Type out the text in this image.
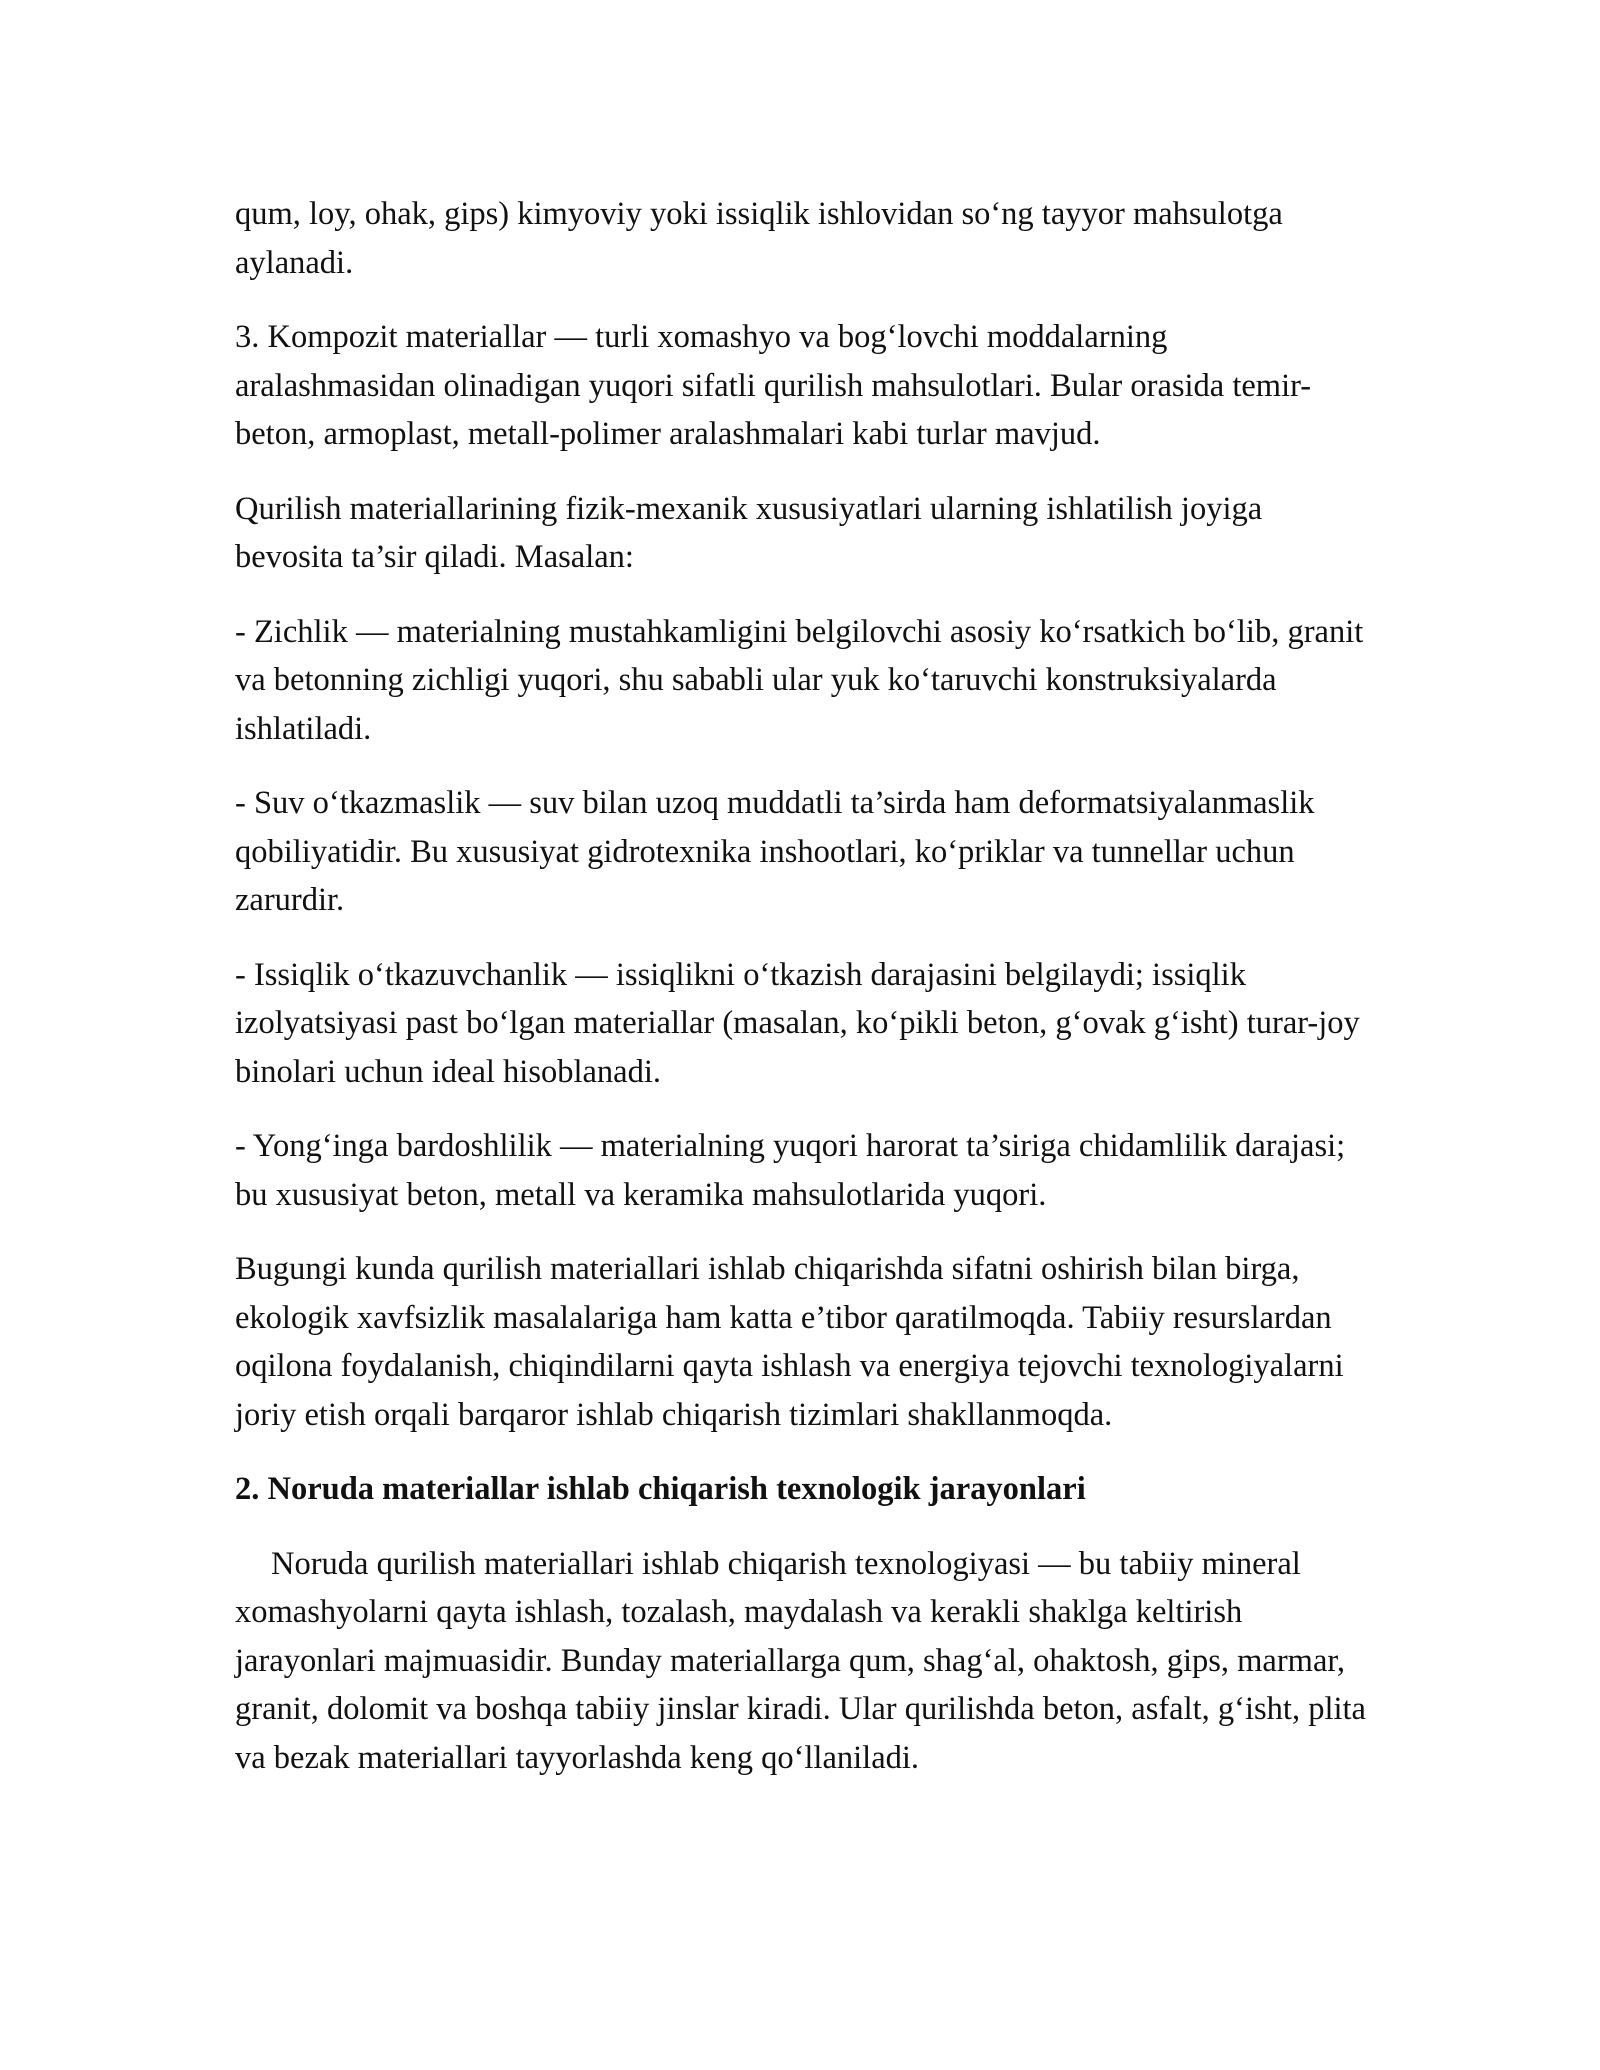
qum, loy, ohak, gips) kimyoviy yoki issiqlik ishlovidan so‘ng tayyor mahsulotga aylanadi.

3. Kompozit materiallar — turli xomashyo va bog‘lovchi moddalarning aralashmasidan olinadigan yuqori sifatli qurilish mahsulotlari. Bular orasida temir-beton, armoplast, metall-polimer aralashmalari kabi turlar mavjud.

Qurilish materiallarining fizik-mexanik xususiyatlari ularning ishlatilish joyiga bevosita ta’sir qiladi. Masalan:

- Zichlik — materialning mustahkamligini belgilovchi asosiy ko‘rsatkich bo‘lib, granit va betonning zichligi yuqori, shu sababli ular yuk ko‘taruvchi konstruksiyalarda ishlatiladi.

- Suv o‘tkazmaslik — suv bilan uzoq muddatli ta’sirda ham deformatsiyalanmaslik qobiliyatidir. Bu xususiyat gidrotexnika inshootlari, ko‘priklar va tunnellar uchun zarurdir.

- Issiqlik o‘tkazuvchanlik — issiqlikni o‘tkazish darajasini belgilaydi; issiqlik izolyatsiyasi past bo‘lgan materiallar (masalan, ko‘pikli beton, g‘ovak g‘isht) turar-joy binolari uchun ideal hisoblanadi.

- Yong‘inga bardoshlilik — materialning yuqori harorat ta’siriga chidamlilik darajasi; bu xususiyat beton, metall va keramika mahsulotlarida yuqori.

Bugungi kunda qurilish materiallari ishlab chiqarishda sifatni oshirish bilan birga, ekologik xavfsizlik masalalariga ham katta e’tibor qaratilmoqda. Tabiiy resurslardan oqilona foydalanish, chiqindilarni qayta ishlash va energiya tejovchi texnologiyalarni joriy etish orqali barqaror ishlab chiqarish tizimlari shakllanmoqda.

2. Noruda materiallar ishlab chiqarish texnologik jarayonlari

Noruda qurilish materiallari ishlab chiqarish texnologiyasi — bu tabiiy mineral xomashyolarni qayta ishlash, tozalash, maydalash va kerakli shaklga keltirish jarayonlari majmuasidir. Bunday materiallarga qum, shag‘al, ohaktosh, gips, marmar, granit, dolomit va boshqa tabiiy jinslar kiradi. Ular qurilishda beton, asfalt, g‘isht, plita va bezak materiallari tayyorlashda keng qo‘llaniladi.
